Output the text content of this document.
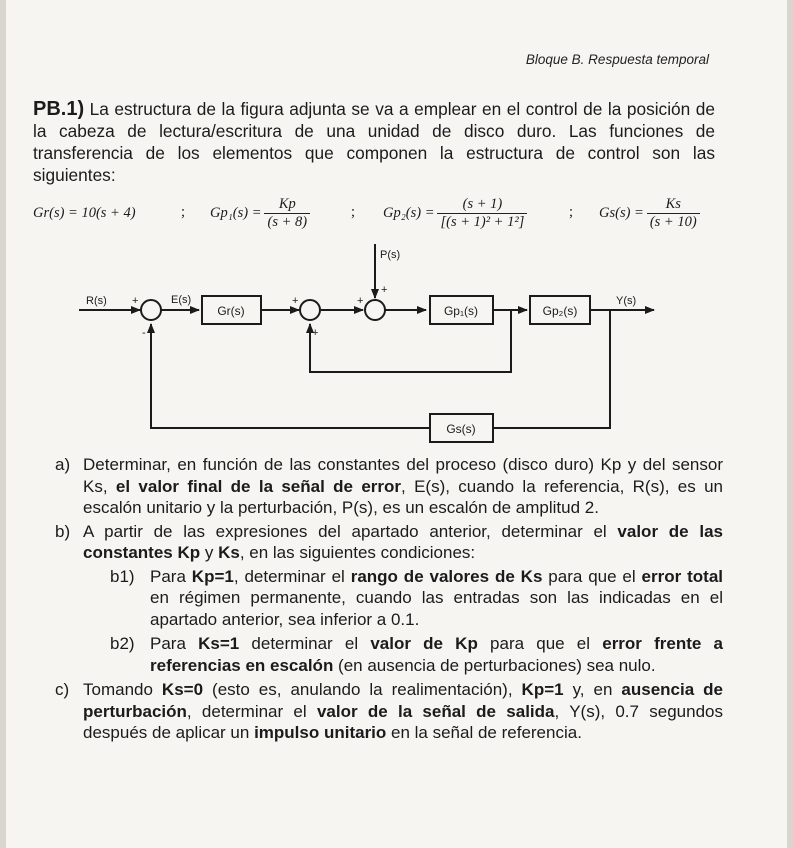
Bloque B. Respuesta temporal
PB.1) La estructura de la figura adjunta se va a emplear en el control de la posición de la cabeza de lectura/escritura de una unidad de disco duro. Las funciones de transferencia de los elementos que componen la estructura de control son las siguientes:
Gr(s) = 10(s + 4)	; $Gp_1(s) = \frac{Kp}{(s + 8)}$	; $Gp_2(s) = \frac{(s + 1)}{\text{[(s + 1)² + 1²]}}$	; $Gs(s) = \frac{Ks}{(s + 10)}$
Gr(s)	Gp₁(s)	Gp₂(s)
Gs(s)
R(s)	E(s)
P(s)
Y(s)
+
-
+
+
+
+
a) Determinar, en función de las constantes del proceso (disco duro) Kp y del sensor Ks, el valor final de la señal de error, E(s), cuando la referencia, R(s), es un escalón unitario y la perturbación, P(s), es un escalón de amplitud 2.
b) A partir de las expresiones del apartado anterior, determinar el valor de las constantes Kp y Ks, en las siguientes condiciones:
b1) Para Kp=1, determinar el rango de valores de Ks para que el error total en régimen permanente, cuando las entradas son las indicadas en el apartado anterior, sea inferior a 0.1.
b2) Para Ks=1 determinar el valor de Kp para que el error frente a referencias en escalón (en ausencia de perturbaciones) sea nulo.
c) Tomando Ks=0 (esto es, anulando la realimentación), Kp=1 y, en ausencia de perturbación, determinar el valor de la señal de salida, Y(s), 0.7 segundos después de aplicar un impulso unitario en la señal de referencia.
